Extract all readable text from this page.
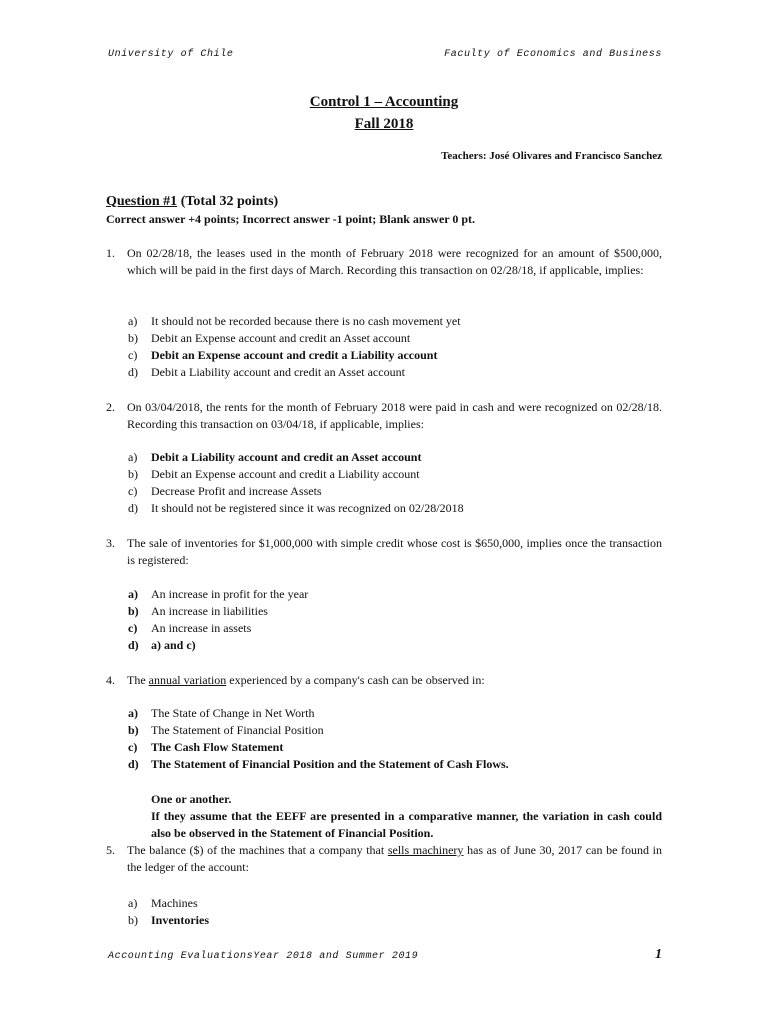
University of Chile	Faculty of Economics and Business
Control 1 – Accounting
Fall 2018
Teachers: José Olivares and Francisco Sanchez
Question #1 (Total 32 points)
Correct answer +4 points; Incorrect answer -1 point; Blank answer 0 pt.
1. On 02/28/18, the leases used in the month of February 2018 were recognized for an amount of $500,000, which will be paid in the first days of March. Recording this transaction on 02/28/18, if applicable, implies:
a)	It should not be recorded because there is no cash movement yet
b)	Debit an Expense account and credit an Asset account
c)	Debit an Expense account and credit a Liability account
d)	Debit a Liability account and credit an Asset account
2. On 03/04/2018, the rents for the month of February 2018 were paid in cash and were recognized on 02/28/18. Recording this transaction on 03/04/18, if applicable, implies:
a)	Debit a Liability account and credit an Asset account
b)	Debit an Expense account and credit a Liability account
c)	Decrease Profit and increase Assets
d)	It should not be registered since it was recognized on 02/28/2018
3. The sale of inventories for $1,000,000 with simple credit whose cost is $650,000, implies once the transaction is registered:
a)	An increase in profit for the year
b)	An increase in liabilities
c)	An increase in assets
d)	a) and c)
4. The annual variation experienced by a company's cash can be observed in:
a)	The State of Change in Net Worth
b)	The Statement of Financial Position
c)	The Cash Flow Statement
d)	The Statement of Financial Position and the Statement of Cash Flows.
One or another.
If they assume that the EEFF are presented in a comparative manner, the variation in cash could also be observed in the Statement of Financial Position.
5. The balance ($) of the machines that a company that sells machinery has as of June 30, 2017 can be found in the ledger of the account:
a)	Machines
b)	Inventories
Accounting EvaluationsYear 2018 and Summer 2019	1
